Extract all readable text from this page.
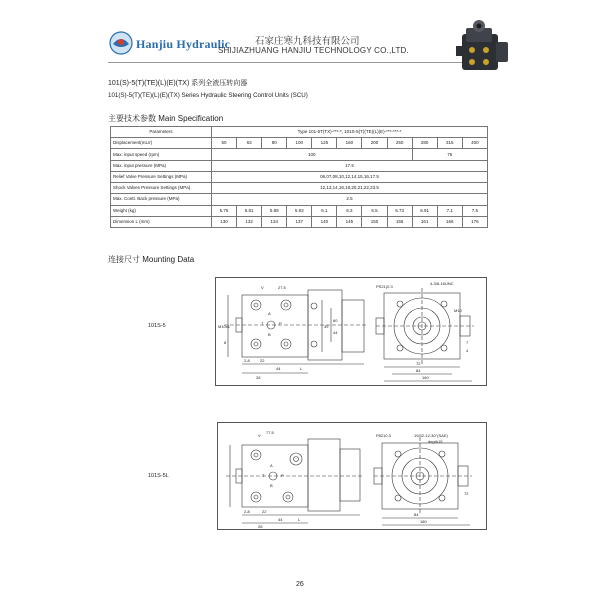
Hanjiu Hydraulic	石家庄寒九科技有限公司
SHIJIAZHUANG HANJIU TECHNOLOGY CO.,LTD.
101(S)-5(T)(TE)(L)(E)(TX) 系列全液压转向器
101(S)-5(T)(TE)(L)(E)(TX) Series Hydraulic Steering Control Units (SCU)
主要技术参数 Main Specification
Parameters	Type 101-5T(TX)-***-*, 101S-5(T)(TE)(L)(E)-***-***-*										
Displacement(mL/r)	50	63	80	100	125	160	200	250	280	315	400
Max. input speed (rpm)	100								75		
Max. input pressure (MPa)	17.5										
Relief Valve Pressure Settings (MPa)	06,07,08,10,12,14,15,16,17.5										
Shock Valves Pressure Settings (MPa)	12,13,14,16,18,20,21,22,23.5										
Max. Contt. Back pressure (MPa)	2.5										
Weight (kg)	5.75	5.81	5.89	5.93	6.1	6.3	6.5	6.73	6.91	7.1	7.5
Dimension L (mm)	130	132	134	137	140	145	150	156	161	166	176
连接尺寸 Mounting Data
101S-5
V	27.5
A
B
P
T
L
26
2-8	22
44
39
60
44
8
M10x1
PS21(0.3
4-3/8-16UNC
M10
7
4
160
84
72
101S-5L
V
77.5
A
B
P
T
L
26
2-8	22
44
P8210.3	19/32-12-30°(SAE)
depth15
84
180
72
26
